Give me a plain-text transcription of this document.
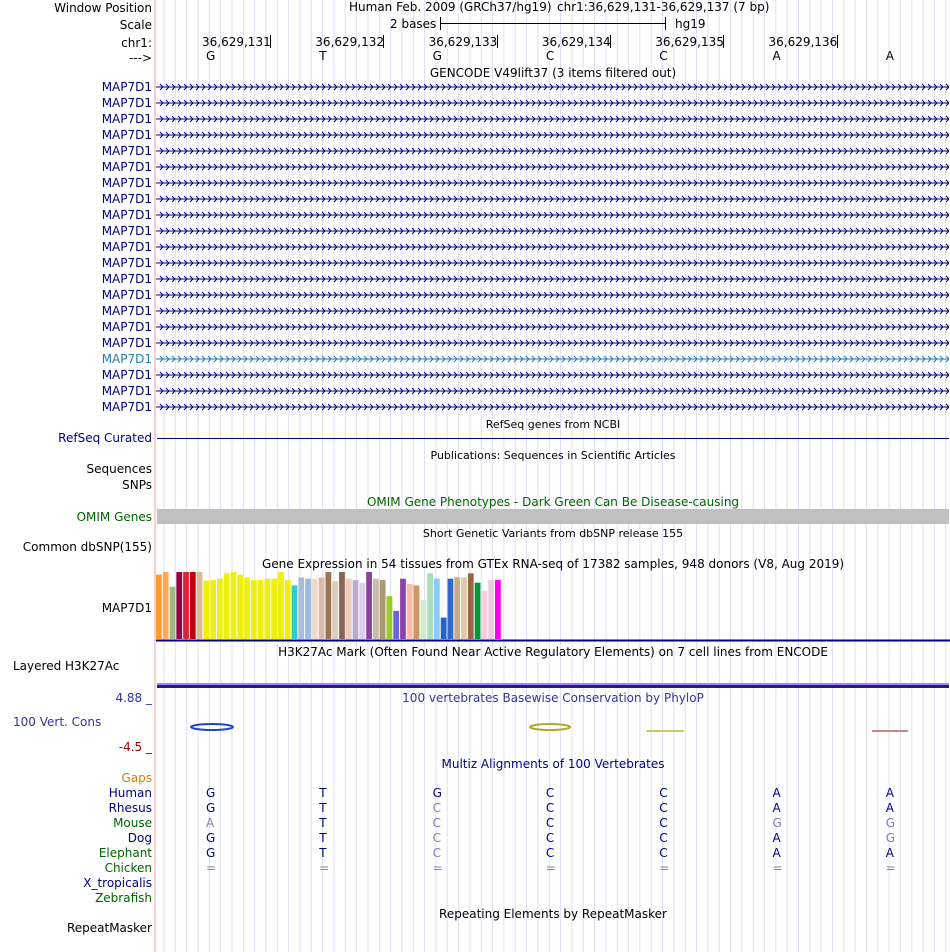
Window Position	Human Feb. 2009 (GRCh37/hg19) chr1:36,629,131-36,629,137 (7 bp)
Scale	2 bases	hg19
chr1:	36,629,131	36,629,132	36,629,133	36,629,134	36,629,135	36,629,136
--->	G	T	G	C	C	A	A
GENCODE V49lift37 (3 items filtered out)
MAP7D1
MAP7D1
MAP7D1
MAP7D1
MAP7D1
MAP7D1
MAP7D1
MAP7D1
MAP7D1
MAP7D1
MAP7D1
MAP7D1
MAP7D1
MAP7D1
MAP7D1
MAP7D1
MAP7D1
MAP7D1
MAP7D1
MAP7D1
MAP7D1
RefSeq genes from NCBI
RefSeq Curated
Publications: Sequences in Scientific Articles
Sequences
SNPs
OMIM Gene Phenotypes - Dark Green Can Be Disease-causing
OMIM Genes
Short Genetic Variants from dbSNP release 155
Common dbSNP(155)
Gene Expression in 54 tissues from GTEx RNA-seq of 17382 samples, 948 donors (V8, Aug 2019)
MAP7D1
H3K27Ac Mark (Often Found Near Active Regulatory Elements) on 7 cell lines from ENCODE
Layered H3K27Ac
100 vertebrates Basewise Conservation by PhyloP
4.88 _
100 Vert. Cons
-4.5 _
Multiz Alignments of 100 Vertebrates
Gaps
Human	G	T	G	C	C	A	A
Rhesus	G	T	C	C	C	A	A
Mouse	A	T	C	C	C	G	G
Dog	G	T	C	C	C	A	G
Elephant	G	T	C	C	C	A	A
Chicken	=	=	=	=	=	=	=
X_tropicalis
Zebrafish
Repeating Elements by RepeatMasker
RepeatMasker
